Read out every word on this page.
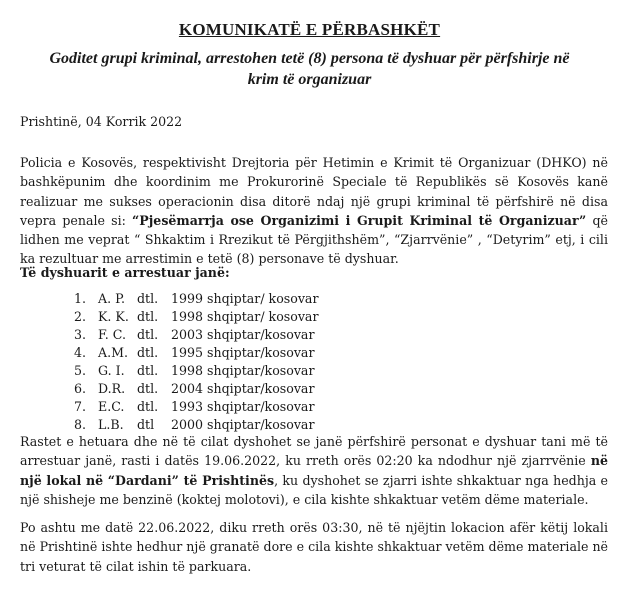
KOMUNIKATË E PËRBASHKËT
Goditet grupi kriminal, arrestohen tetë (8) persona të dyshuar për përfshirje në krim të organizuar
Prishtinë, 04 Korrik 2022
Policia e Kosovës, respektivisht Drejtoria për Hetimin e Krimit të Organizuar (DHKO) në bashkëpunim dhe koordinim me Prokurorinë Speciale të Republikës së Kosovës kanë realizuar me sukses operacionin disa ditorë ndaj një grupi kriminal të përfshirë në disa vepra penale si: “Pjesëmarrja ose Organizimi i Grupit Kriminal të Organizuar” që lidhen me veprat “ Shkaktim i Rrezikut të Përgjithshëm”, “Zjarrvënie” , “Detyrim” etj, i cili ka rezultuar me arrestimin e tetë (8) personave të dyshuar.
Të dyshuarit e arrestuar janë:
1. A. P. dtl. 1999 shqiptar/ kosovar
2. K. K. dtl. 1998 shqiptar/ kosovar
3. F. C. dtl. 2003 shqiptar/kosovar
4. A.M. dtl. 1995 shqiptar/kosovar
5. G. I. dtl. 1998 shqiptar/kosovar
6. D.R. dtl. 2004 shqiptar/kosovar
7. E.C. dtl. 1993 shqiptar/kosovar
8. L.B. dtl 2000 shqiptar/kosovar
Rastet e hetuara dhe në të cilat dyshohet se janë përfshirë personat e dyshuar tani më të arrestuar janë, rasti i datës 19.06.2022, ku rreth orës 02:20 ka ndodhur një zjarrvënie në një lokal në “Dardani” të Prishtinës, ku dyshohet se zjarri ishte shkaktuar nga hedhja e një shisheje me benzinë (koktej molotovi), e cila kishte shkaktuar vetëm dëme materiale.
Po ashtu me datë 22.06.2022, diku rreth orës 03:30, në të njëjtin lokacion afër këtij lokali në Prishtinë ishte hedhur një granatë dore e cila kishte shkaktuar vetëm dëme materiale në tri veturat të cilat ishin të parkuara.
